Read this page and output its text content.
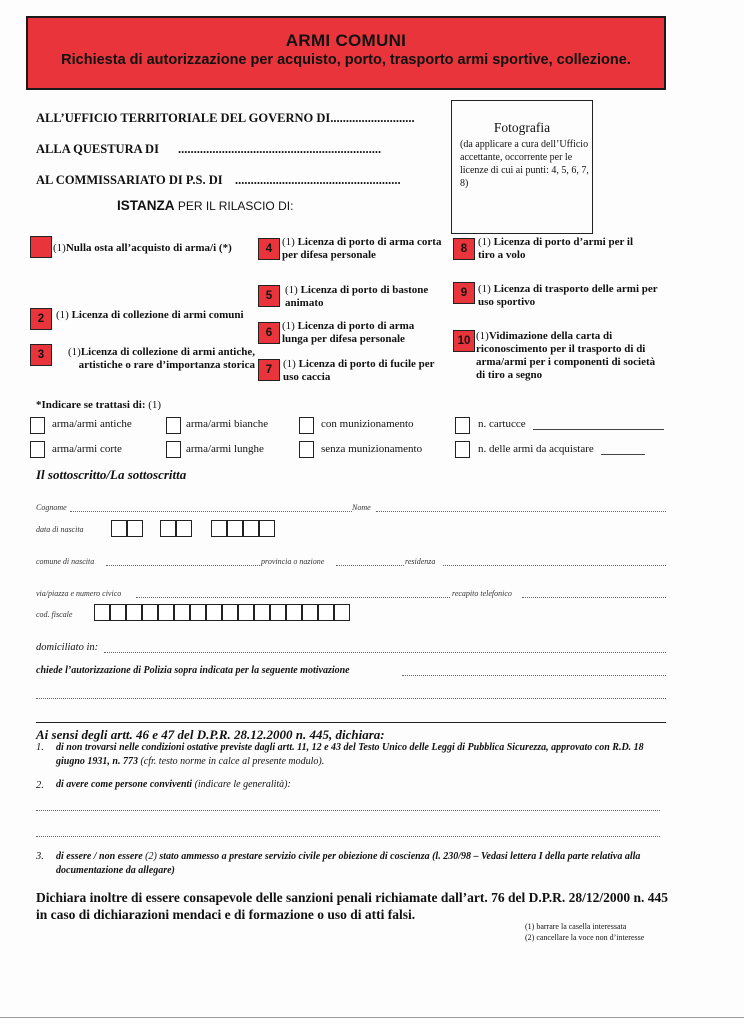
ARMI COMUNI
Richiesta di autorizzazione per acquisto, porto, trasporto armi sportive, collezione.
ALL’UFFICIO TERRITORIALE DEL GOVERNO DI...........................
ALLA QUESTURA DI .................................................................
AL COMMISSARIATO DI P.S. DI .....................................................
Fotografia
(da applicare a cura dell’Ufficio accettante, occorrente per le licenze di cui ai punti: 4, 5, 6, 7, 8)
ISTANZA PER IL RILASCIO DI:
(1)Nulla osta all’acquisto di arma/i (*)
2	(1) Licenza di collezione di armi comuni
3	(1)Licenza di collezione di armi antiche, artistiche o rare d’importanza storica
4
(1) Licenza di porto di arma corta per difesa personale
5	(1) Licenza di porto di bastone animato
6
(1) Licenza di porto di arma lunga per difesa personale
7 (1) Licenza di porto di fucile per uso caccia
8
(1) Licenza di porto d’armi per il tiro a volo
9 (1) Licenza di trasporto delle armi per uso sportivo
10 (1)Vidimazione della carta di riconoscimento per il trasporto di di arma/armi per i componenti di società di tiro a segno
*Indicare se trattasi di: (1)
arma/armi antiche	arma/armi bianche	con munizionamento	n. cartucce
arma/armi corte	arma/armi lunghe	senza munizionamento	n. delle armi da acquistare
Il sottoscritto/La sottoscritta
Cognome	Nome
data di nascita
comune di nascita	provincia o nazione	residenza
via/piazza e numero civico	recapito telefonico
cod. fiscale
domiciliato in:
chiede l’autorizzazione di Polizia sopra indicata per la seguente motivazione
Ai sensi degli artt. 46 e 47 del D.P.R. 28.12.2000 n. 445, dichiara:
1. di non trovarsi nelle condizioni ostative previste dagli artt. 11, 12 e 43 del Testo Unico delle Leggi di Pubblica Sicurezza, approvato con R.D. 18 giugno 1931, n. 773 (cfr. testo norme in calce al presente modulo).
2. di avere come persone conviventi (indicare le generalità):
3. di essere / non essere (2) stato ammesso a prestare servizio civile per obiezione di coscienza (l. 230/98 – Vedasi lettera I della parte relativa alla documentazione da allegare)
Dichiara inoltre di essere consapevole delle sanzioni penali richiamate dall’art. 76 del D.P.R. 28/12/2000 n. 445 in caso di dichiarazioni mendaci e di formazione o uso di atti falsi.
(1) barrare la casella interessata
(2) cancellare la voce non d’interesse
